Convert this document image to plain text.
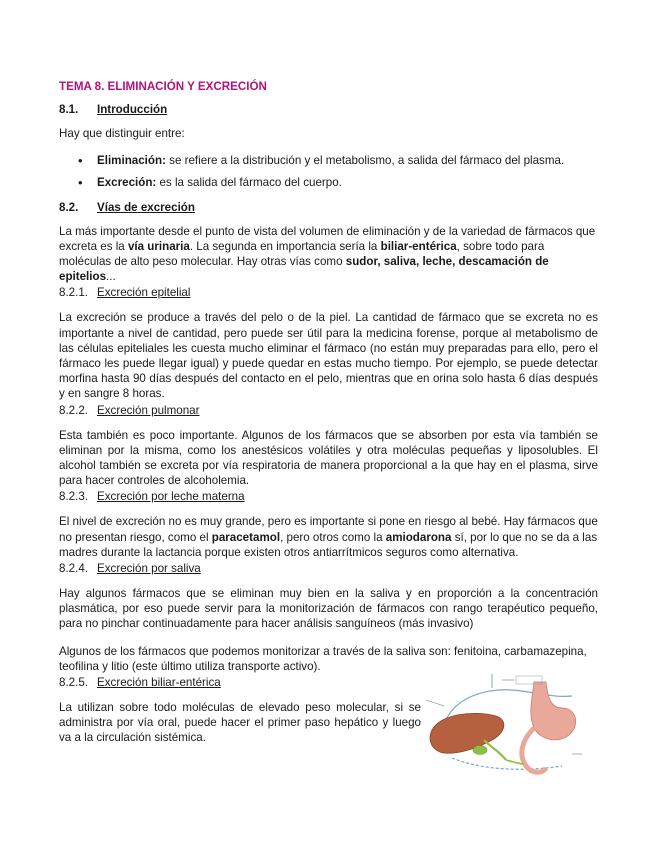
TEMA 8. ELIMINACIÓN Y EXCRECIÓN
8.1. Introducción

Hay que distinguir entre:

• Eliminación: se refiere a la distribución y el metabolismo, a salida del fármaco del plasma.
• Excreción: es la salida del fármaco del cuerpo.
8.2. Vías de excreción

La más importante desde el punto de vista del volumen de eliminación y de la variedad de fármacos que excreta es la vía urinaria. La segunda en importancia sería la biliar-entérica, sobre todo para moléculas de alto peso molecular. Hay otras vías como sudor, saliva, leche, descamación de epitelios...

8.2.1. Excreción epitelial

La excreción se produce a través del pelo o de la piel. La cantidad de fármaco que se excreta no es importante a nivel de cantidad, pero puede ser útil para la medicina forense, porque al metabolismo de las células epiteliales les cuesta mucho eliminar el fármaco (no están muy preparadas para ello, pero el fármaco les puede llegar igual) y puede quedar en estas mucho tiempo. Por ejemplo, se puede detectar morfina hasta 90 días después del contacto en el pelo, mientras que en orina solo hasta 6 días después y en sangre 8 horas.

8.2.2. Excreción pulmonar

Esta también es poco importante. Algunos de los fármacos que se absorben por esta vía también se eliminan por la misma, como los anestésicos volátiles y otra moléculas pequeñas y liposolubles. El alcohol también se excreta por vía respiratoria de manera proporcional a la que hay en el plasma, sirve para hacer controles de alcoholemia.

8.2.3. Excreción por leche materna

El nivel de excreción no es muy grande, pero es importante si pone en riesgo al bebé. Hay fármacos que no presentan riesgo, como el paracetamol, pero otros como la amiodarona sí, por lo que no se da a las madres durante la lactancia porque existen otros antiarrítmicos seguros como alternativa.

8.2.4. Excreción por saliva

Hay algunos fármacos que se eliminan muy bien en la saliva y en proporción a la concentración plasmática, por eso puede servir para la monitorización de fármacos con rango terapéutico pequeño, para no pinchar continuadamente para hacer análisis sanguíneos (más invasivo)

Algunos de los fármacos que podemos monitorizar a través de la saliva son: fenitoina, carbamazepina, teofilina y litio (este último utiliza transporte activo).

8.2.5. Excreción biliar-entérica

La utilizan sobre todo moléculas de elevado peso molecular, si se administra por vía oral, puede hacer el primer paso hepático y luego va a la circulación sistémica.
